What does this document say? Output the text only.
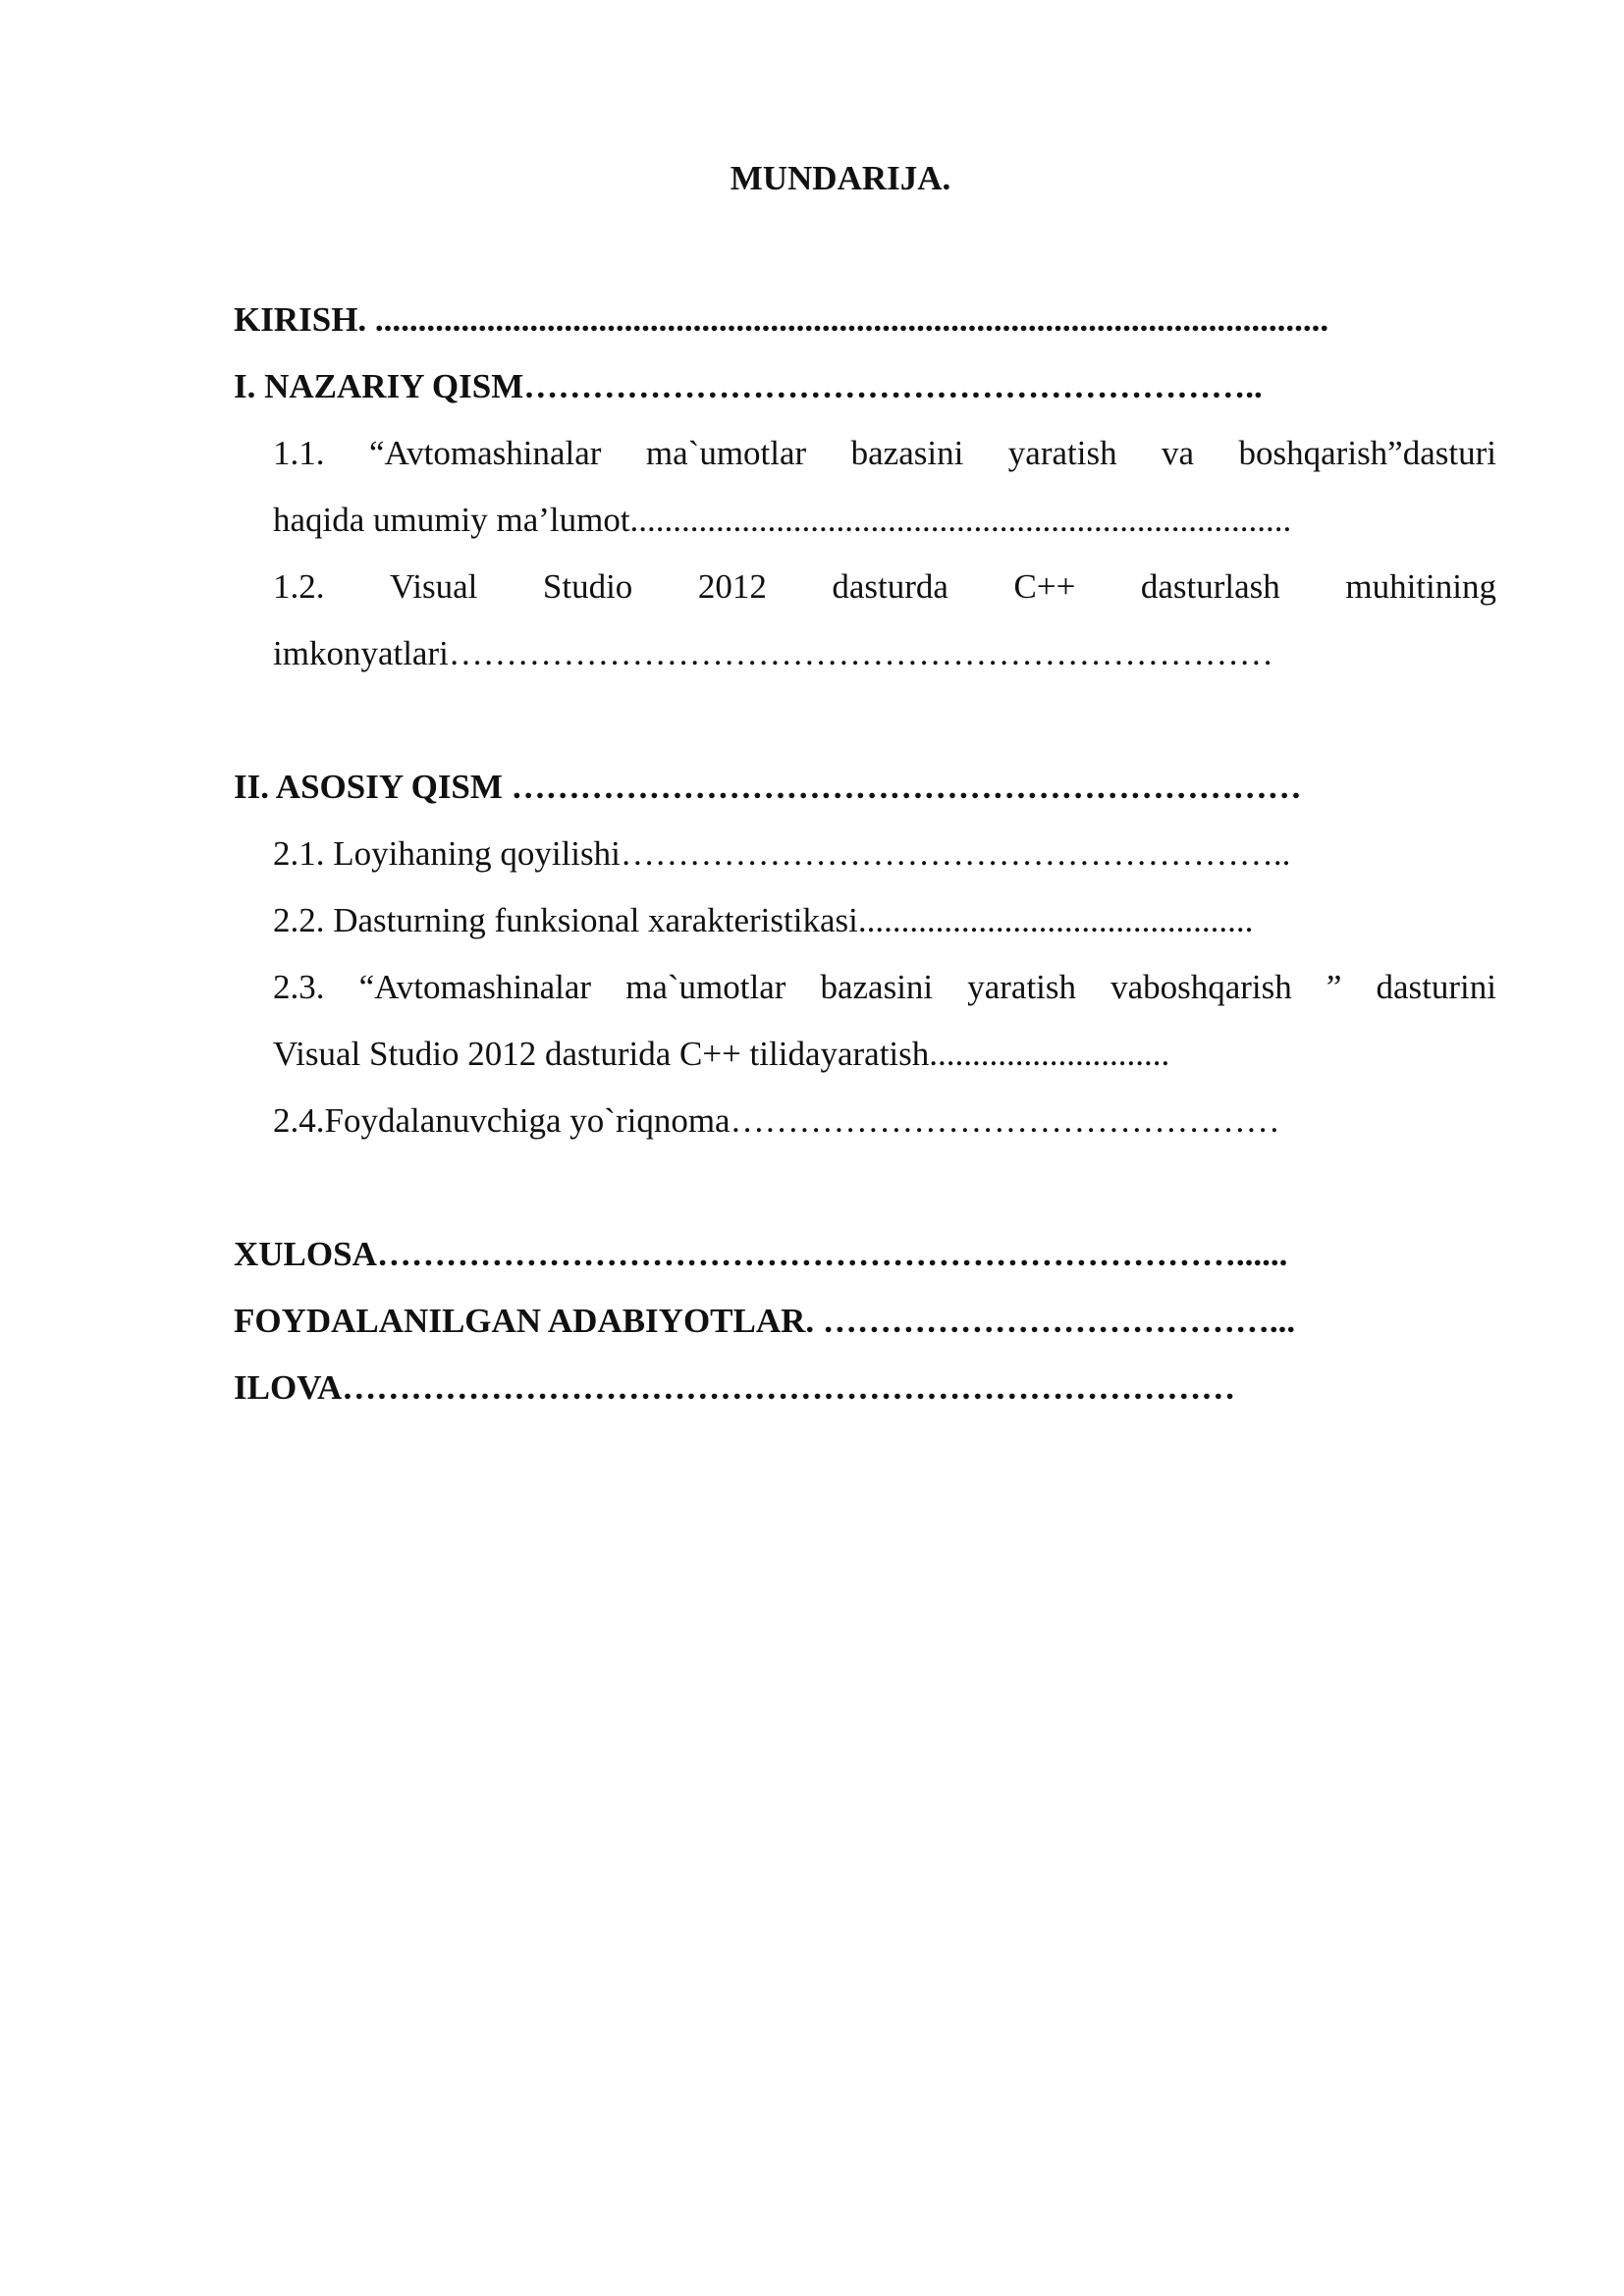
MUNDARIJA.
KIRISH. ...............................................................................................................
I. NAZARIY QISM………………………………………………………..
1.1. “Avtomashinalar ma`umotlar bazasini yaratish va boshqarish”dasturi
haqida umumiy ma’lumot.............................................................................
1.2. Visual Studio 2012 dasturda C++ dasturlash muhitining
imkonyatlari………………………………………………………………
II. ASOSIY QISM ……………………………………………………………
2.1. Loyihaning qoyilishi…………………………………………………..
2.2. Dasturning funksional xarakteristikasi..............................................
2.3. “Avtomashinalar ma`umotlar bazasini yaratish vaboshqarish ” dasturini
Visual Studio 2012 dasturida C++ tilidayaratish............................
2.4.Foydalanuvchiga yo`riqnoma…………………………………………
XULOSA…………………………………………………………………......
FOYDALANILGAN ADABIYOTLAR. …………………………………...
ILOVA……………………………………………………………………
